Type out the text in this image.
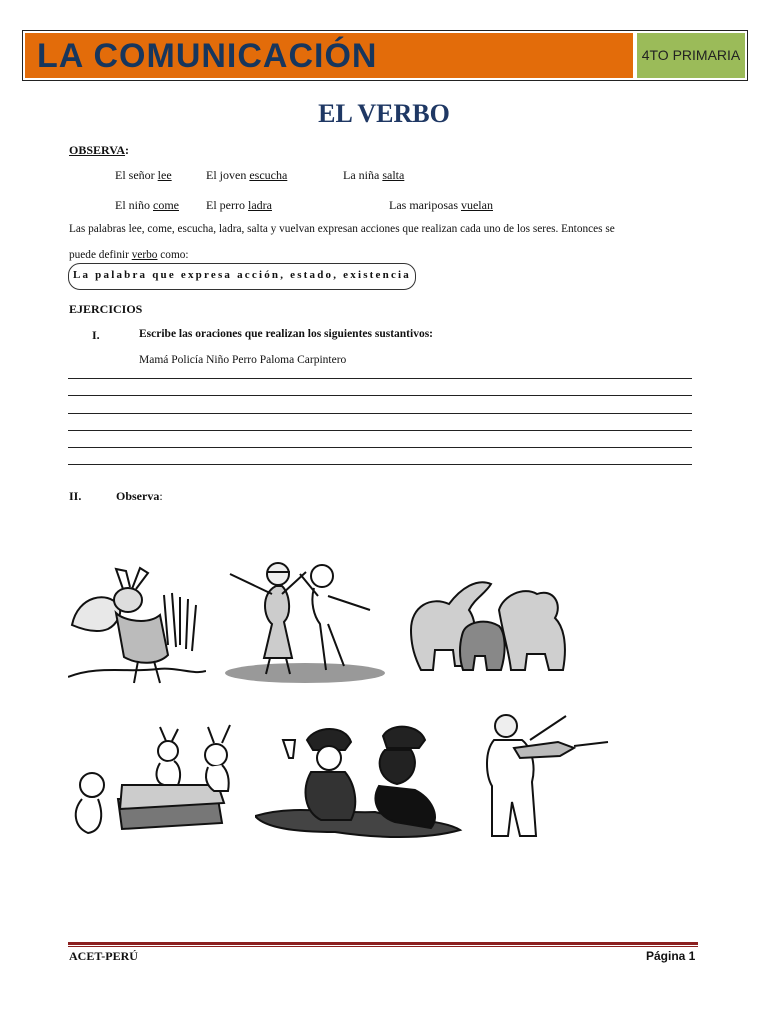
LA COMUNICACIÓN	4TO PRIMARIA
EL VERBO
OBSERVA:
El señor lee	El joven escucha	La niña salta
El niño come El perro ladra	Las mariposas vuelan
Las palabras lee, come, escucha, ladra, salta y vuelvan expresan acciones que realizan cada uno de los seres. Entonces se
puede definir verbo como:
La palabra que expresa acción, estado, existencia
EJERCICIOS
I.	Escribe las oraciones que realizan los siguientes sustantivos:
Mamá Policía Niño Perro Paloma Carpintero
II.	Observa:
ACET-PERÚ	Página 1
